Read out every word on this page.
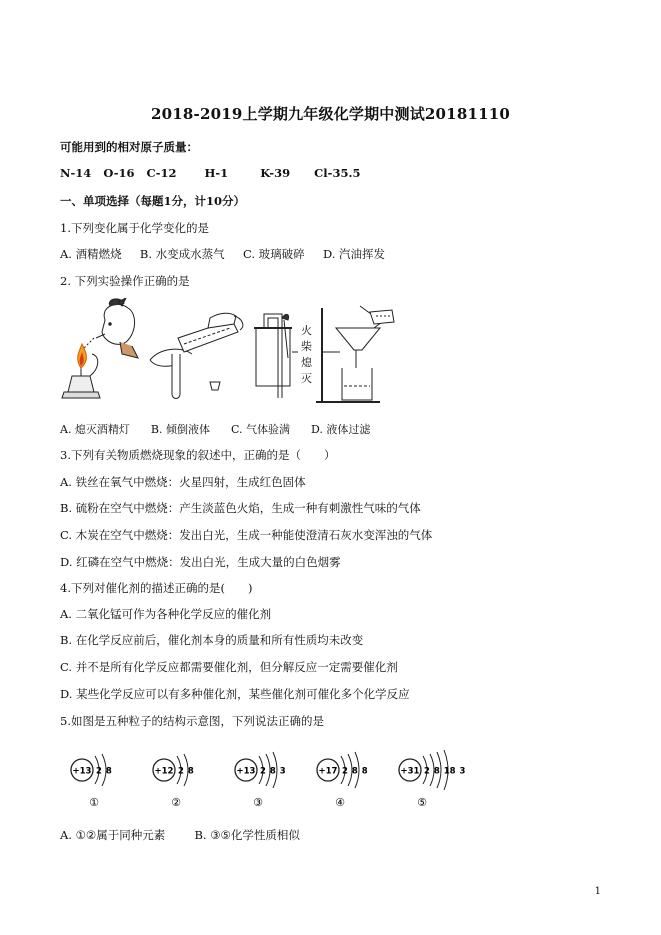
2018-2019上学期九年级化学期中测试20181110
可能用到的相对原子质量：
N-14 O-16 C-12 H-1	K-39 Cl-35.5
一、单项选择（每题1分，计10分）
1.下列变化属于化学变化的是
A. 酒精燃烧 B. 水变成水蒸气 C. 玻璃破碎 D. 汽油挥发
2. 下列实验操作正确的是
火
柴
熄
灭
A. 熄灭酒精灯 B. 倾倒液体 C. 气体验满 D. 液体过滤
3.下列有关物质燃烧现象的叙述中，正确的是（　　）
A. 铁丝在氧气中燃烧：火星四射，生成红色固体
B. 硫粉在空气中燃烧：产生淡蓝色火焰，生成一种有刺激性气味的气体
C. 木炭在空气中燃烧：发出白光，生成一种能使澄清石灰水变浑浊的气体
D. 红磷在空气中燃烧：发出白光，生成大量的白色烟雾
4.下列对催化剂的描述正确的是(　　)
A. 二氧化锰可作为各种化学反应的催化剂
B. 在化学反应前后，催化剂本身的质量和所有性质均未改变
C. 并不是所有化学反应都需要催化剂，但分解反应一定需要催化剂
D. 某些化学反应可以有多种催化剂，某些催化剂可催化多个化学反应
5.如图是五种粒子的结构示意图，下列说法正确的是
+13 2 8
①
+12 2 8
②
+13 2 8 3
③
+17 2 8 8
④
+31 2 8 18 3
⑤
A. ①②属于同种元素	B. ③⑤化学性质相似
1
